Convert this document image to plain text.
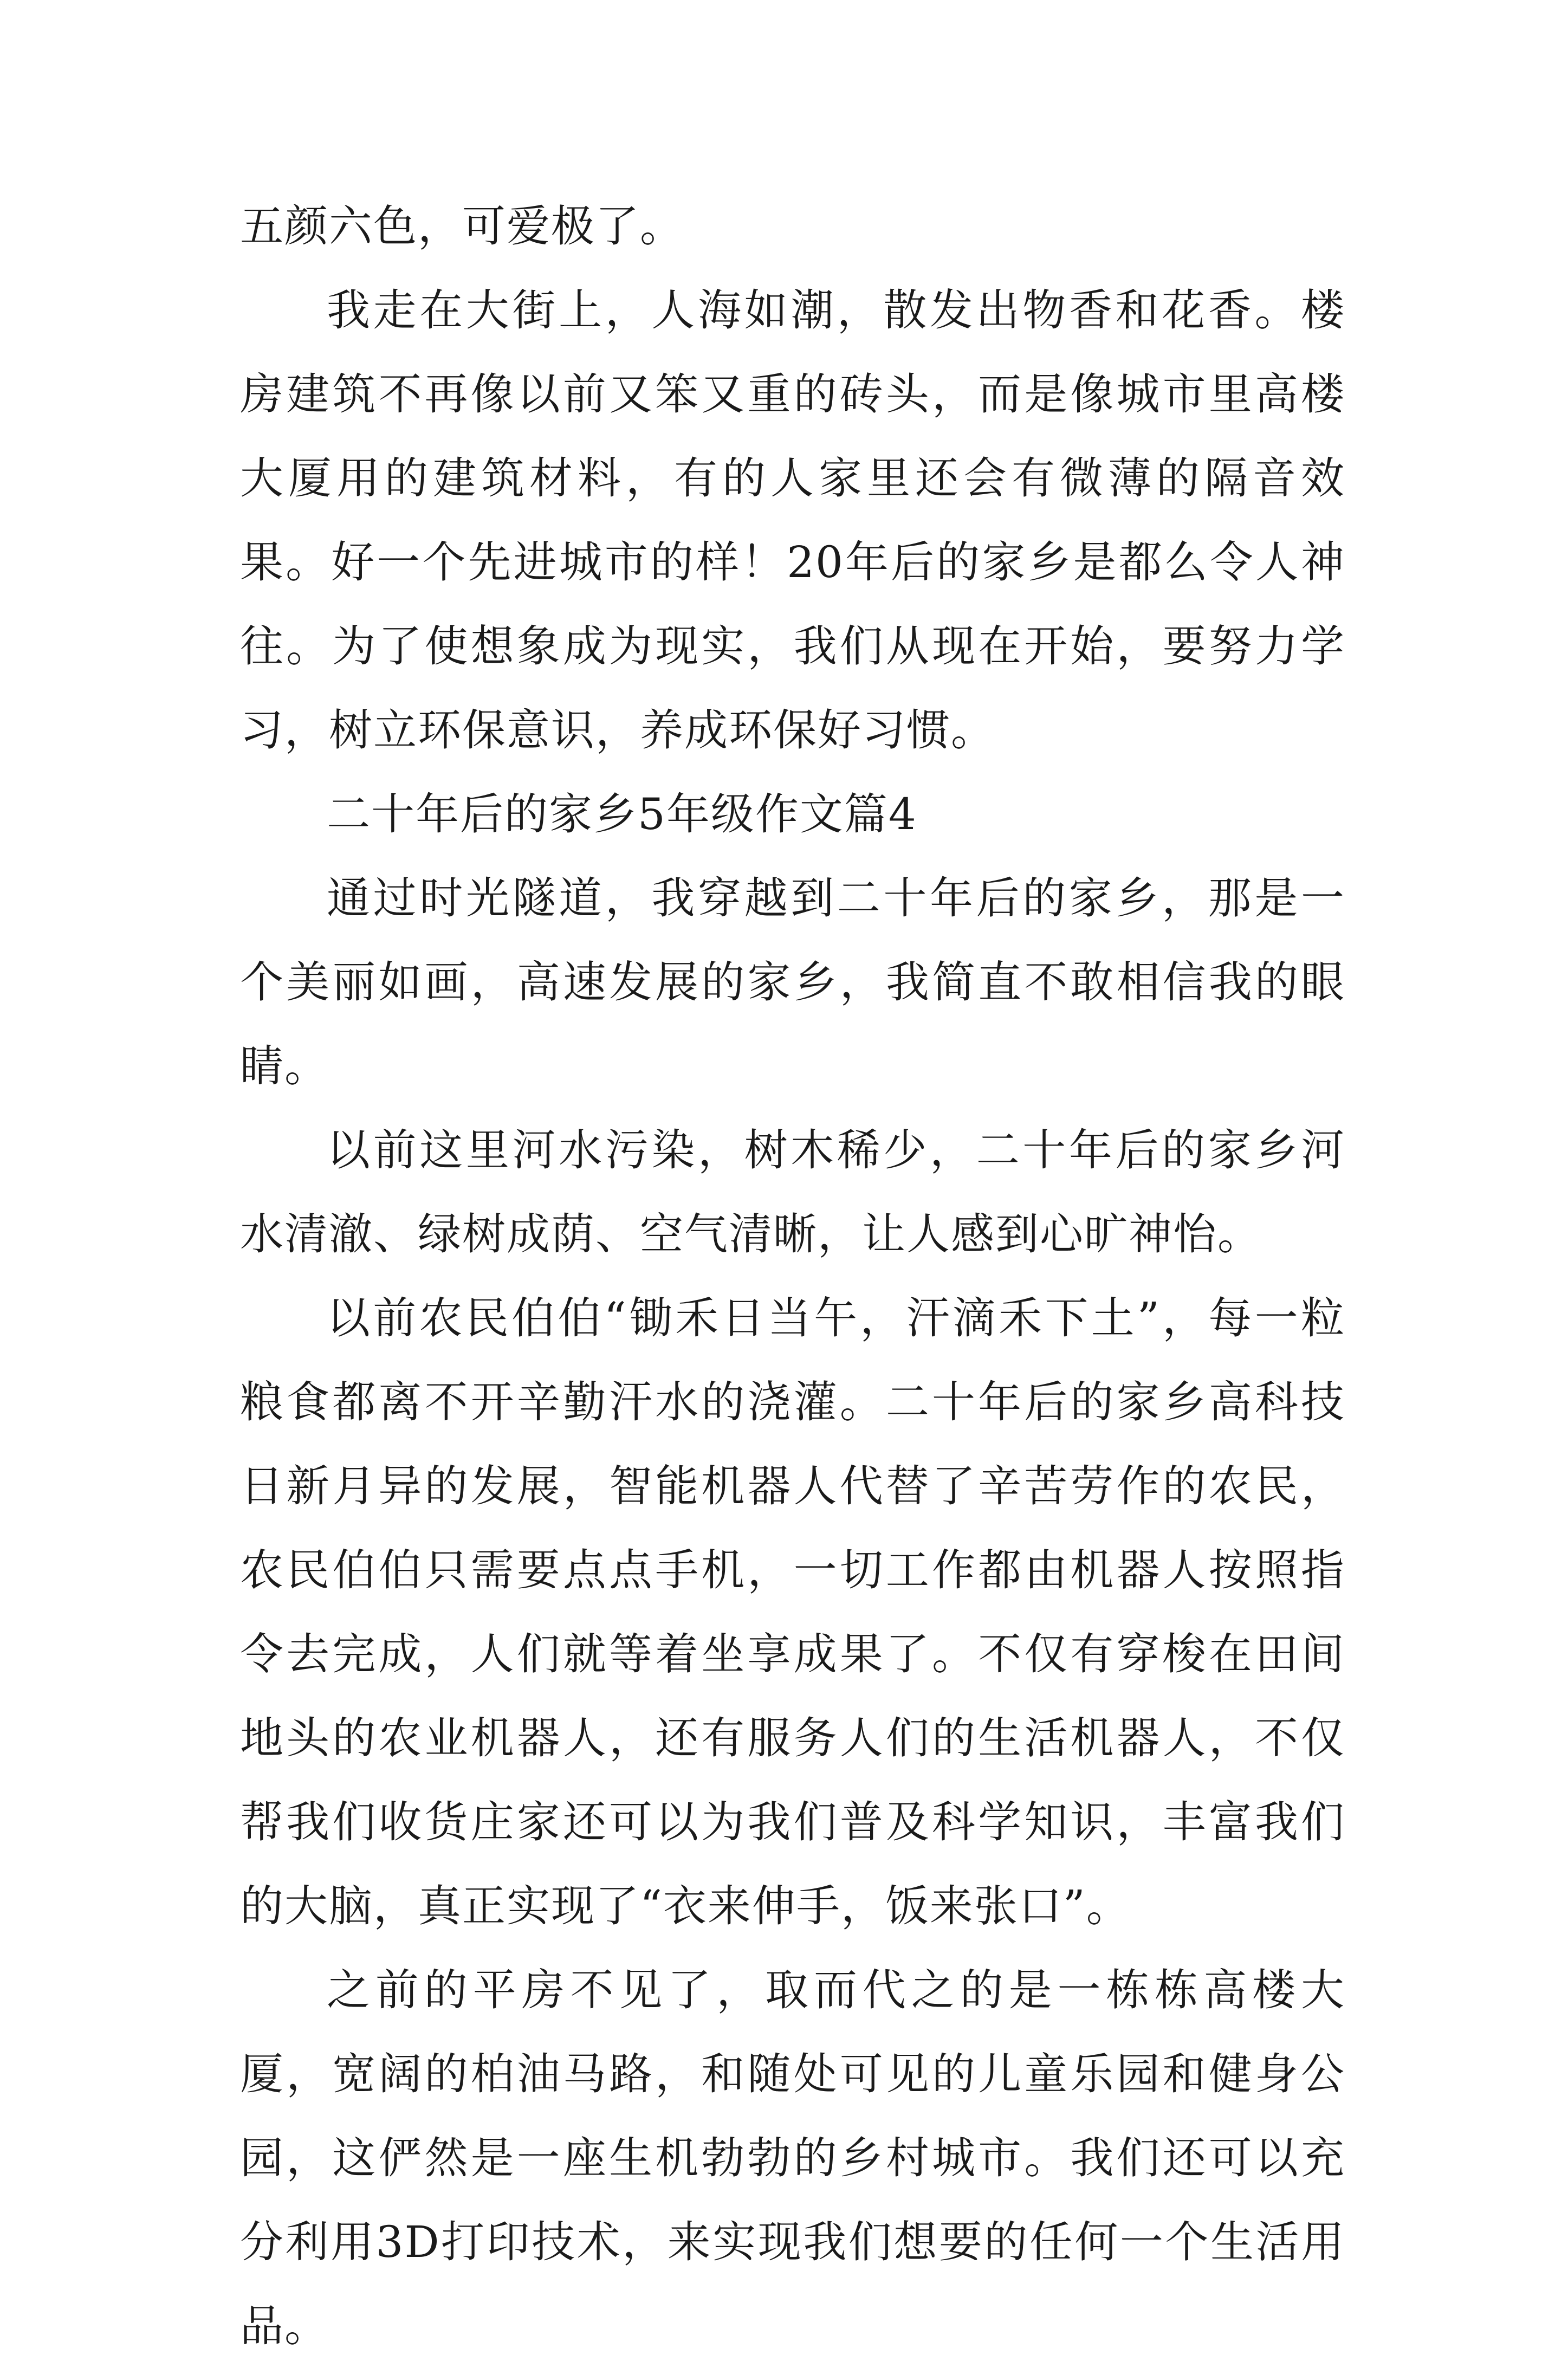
五颜六色，可爱极了。

我走在大街上，人海如潮，散发出物香和花香。楼房建筑不再像以前又笨又重的砖头，而是像城市里高楼大厦用的建筑材料，有的人家里还会有微薄的隔音效果。好一个先进城市的样！20年后的家乡是都么令人神往。为了使想象成为现实，我们从现在开始，要努力学习，树立环保意识，养成环保好习惯。

二十年后的家乡5年级作文篇4

通过时光隧道，我穿越到二十年后的家乡，那是一个美丽如画，高速发展的家乡，我简直不敢相信我的眼睛。

以前这里河水污染，树木稀少，二十年后的家乡河水清澈、绿树成荫、空气清晰，让人感到心旷神怡。

以前农民伯伯“锄禾日当午，汗滴禾下土”，每一粒粮食都离不开辛勤汗水的浇灌。二十年后的家乡高科技日新月异的发展，智能机器人代替了辛苦劳作的农民，农民伯伯只需要点点手机，一切工作都由机器人按照指令去完成，人们就等着坐享成果了。不仅有穿梭在田间地头的农业机器人，还有服务人们的生活机器人，不仅帮我们收货庄家还可以为我们普及科学知识，丰富我们的大脑，真正实现了“衣来伸手，饭来张口”。

之前的平房不见了，取而代之的是一栋栋高楼大厦，宽阔的柏油马路，和随处可见的儿童乐园和健身公园，这俨然是一座生机勃勃的乡村城市。我们还可以充分利用3D打印技术，来实现我们想要的任何一个生活用品。
